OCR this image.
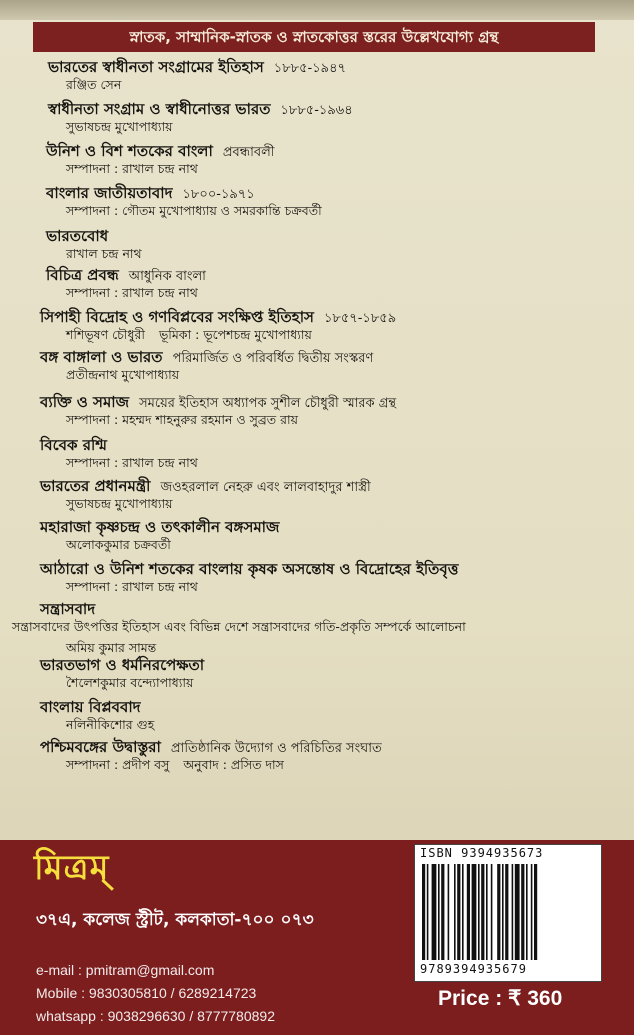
স্নাতক, সাম্মানিক-স্নাতক ও স্নাতকোত্তর স্তরের উল্লেখযোগ্য গ্রন্থ
ভারতের স্বাধীনতা সংগ্রামের ইতিহাস ১৮৮৫-১৯৪৭
রঞ্জিত সেন
স্বাধীনতা সংগ্রাম ও স্বাধীনোত্তর ভারত ১৮৮৫-১৯৬৪
সুভাষচন্দ্র মুখোপাধ্যায়
উনিশ ও বিশ শতকের বাংলা প্রবন্ধাবলী
সম্পাদনা : রাখাল চন্দ্র নাথ
বাংলার জাতীয়তাবাদ ১৮০০-১৯৭১
সম্পাদনা : গৌতম মুখোপাধ্যায় ও সমরকান্তি চক্রবর্তী
ভারতবোধ
রাখাল চন্দ্র নাথ
বিচিত্র প্রবন্ধ আধুনিক বাংলা
সম্পাদনা : রাখাল চন্দ্র নাথ
সিপাহী বিদ্রোহ ও গণবিপ্লবের সংক্ষিপ্ত ইতিহাস ১৮৫৭-১৮৫৯
শশিভূষণ চৌধুরী ভূমিকা : ভূপেশচন্দ্র মুখোপাধ্যায়
বঙ্গ বাঙ্গালা ও ভারত পরিমার্জিত ও পরিবর্ধিত দ্বিতীয় সংস্করণ
প্রতীন্দ্রনাথ মুখোপাধ্যায়
ব্যক্তি ও সমাজ সময়ের ইতিহাস অধ্যাপক সুশীল চৌধুরী স্মারক গ্রন্থ
সম্পাদনা : মহম্মদ শাহনুরুর রহমান ও সুব্রত রায়
বিবেক রশ্মি
সম্পাদনা : রাখাল চন্দ্র নাথ
ভারতের প্রধানমন্ত্রী জওহরলাল নেহরু এবং লালবাহাদুর শাস্ত্রী
সুভাষচন্দ্র মুখোপাধ্যায়
মহারাজা কৃষ্ণচন্দ্র ও তৎকালীন বঙ্গসমাজ
অলোককুমার চক্রবর্তী
আঠারো ও উনিশ শতকের বাংলায় কৃষক অসন্তোষ ও বিদ্রোহের ইতিবৃত্ত
সম্পাদনা : রাখাল চন্দ্র নাথ
সন্ত্রাসবাদ
সন্ত্রাসবাদের উৎপত্তির ইতিহাস এবং বিভিন্ন দেশে সন্ত্রাসবাদের গতি-প্রকৃতি সম্পর্কে আলোচনা
অমিয় কুমার সামন্ত
ভারতভাগ ও ধর্মনিরপেক্ষতা
শৈলেশকুমার বন্দ্যোপাধ্যায়
বাংলায় বিপ্লববাদ
নলিনীকিশোর গুহ
পশ্চিমবঙ্গের উদ্বাস্তুরা প্রাতিষ্ঠানিক উদ্যোগ ও পরিচিতির সংঘাত
সম্পাদনা : প্রদীপ বসু অনুবাদ : প্রসিত দাস
মিত্রম্
৩৭এ, কলেজ স্ট্রীট, কলকাতা-৭০০ ০৭৩
e-mail : pmitram@gmail.com
Mobile : 9830305810 / 6289214723
whatsapp : 9038296630 / 8777780892
ISBN 9394935673
9789394935679
Price : ₹ 360
